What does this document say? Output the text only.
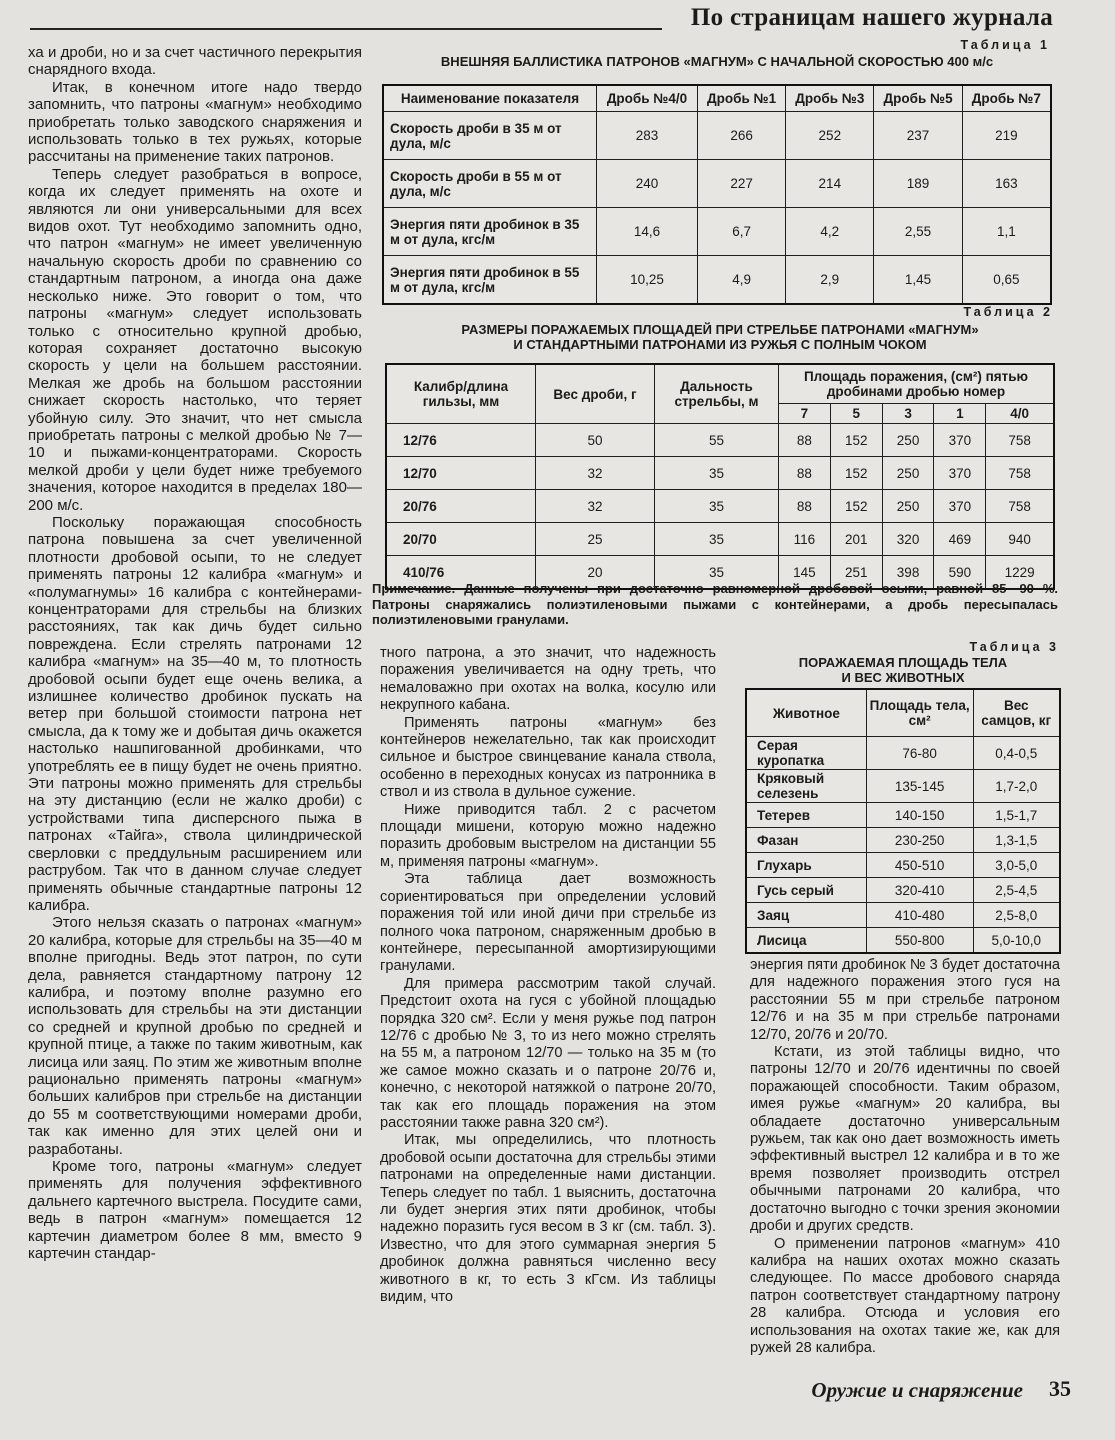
По страницам нашего журнала

ха и дроби, но и за счет частичного перекрытия снарядного входа.

Итак, в конечном итоге надо твердо запомнить, что патроны «магнум» необходимо приобретать только заводского снаряжения и использовать только в тех ружьях, которые рассчитаны на применение таких патронов.

Теперь следует разобраться в вопросе, когда их следует применять на охоте и являются ли они универсальными для всех видов охот. Тут необходимо запомнить одно, что патрон «магнум» не имеет увеличенную начальную скорость дроби по сравнению со стандартным патроном, а иногда она даже несколько ниже. Это говорит о том, что патроны «магнум» следует использовать только с относительно крупной дробью, которая сохраняет достаточно высокую скорость у цели на большем расстоянии. Мелкая же дробь на большом расстоянии снижает скорость настолько, что теряет убойную силу. Это значит, что нет смысла приобретать патроны с мелкой дробью № 7—10 и пыжами-концентраторами. Скорость мелкой дроби у цели будет ниже требуемого значения, которое находится в пределах 180—200 м/с.

Поскольку поражающая способность патрона повышена за счет увеличенной плотности дробовой осыпи, то не следует применять патроны 12 калибра «магнум» и «полумагнумы» 16 калибра с контейнерами-концентраторами для стрельбы на близких расстояниях, так как дичь будет сильно повреждена. Если стрелять патронами 12 калибра «магнум» на 35—40 м, то плотность дробовой осыпи будет еще очень велика, а излишнее количество дробинок пускать на ветер при большой стоимости патрона нет смысла, да к тому же и добытая дичь окажется настолько нашпигованной дробинками, что употреблять ее в пищу будет не очень приятно. Эти патроны можно применять для стрельбы на эту дистанцию (если не жалко дроби) с устройствами типа дисперсного пыжа в патронах «Тайга», ствола цилиндрической сверловки с преддульным расширением или раструбом. Так что в данном случае следует применять обычные стандартные патроны 12 калибра.

Этого нельзя сказать о патронах «магнум» 20 калибра, которые для стрельбы на 35—40 м вполне пригодны. Ведь этот патрон, по сути дела, равняется стандартному патрону 12 калибра, и поэтому вполне разумно его использовать для стрельбы на эти дистанции со средней и крупной дробью по средней и крупной птице, а также по таким животным, как лисица или заяц. По этим же животным вполне рационально применять патроны «магнум» больших калибров при стрельбе на дистанции до 55 м соответствующими номерами дроби, так как именно для этих целей они и разработаны.

Кроме того, патроны «магнум» следует применять для получения эффективного дальнего картечного выстрела. Посудите сами, ведь в патрон «магнум» помещается 12 картечин диаметром более 8 мм, вместо 9 картечин стандар-

Таблица 1
ВНЕШНЯЯ БАЛЛИСТИКА ПАТРОНОВ «МАГНУМ» С НАЧАЛЬНОЙ СКОРОСТЬЮ 400 м/с
Наименование показателя	Дробь №4/0	Дробь №1	Дробь №3	Дробь №5	Дробь №7
Скорость дроби в 35 м от дула, м/с	283	266	252	237	219
Скорость дроби в 55 м от дула, м/с	240	227	214	189	163
Энергия пяти дробинок в 35 м от дула, кгс/м	14,6	6,7	4,2	2,55	1,1
Энергия пяти дробинок в 55 м от дула, кгс/м	10,25	4,9	2,9	1,45	0,65
Таблица 2
РАЗМЕРЫ ПОРАЖАЕМЫХ ПЛОЩАДЕЙ ПРИ СТРЕЛЬБЕ ПАТРОНАМИ «МАГНУМ»
И СТАНДАРТНЫМИ ПАТРОНАМИ ИЗ РУЖЬЯ С ПОЛНЫМ ЧОКОМ
Калибр/длина гильзы, мм	Вес дроби, г	Дальность стрельбы, м	Площадь поражения, (см²) пятью дробинами дробью номер				
			7	5	3	1	4/0
12/76	50	55	88	152	250	370	758
12/70	32	35	88	152	250	370	758
20/76	32	35	88	152	250	370	758
20/70	25	35	116	201	320	469	940
410/76	20	35	145	251	398	590	1229
Примечание. Данные получены при достаточно равномерной дробовой осыпи, равной 85—90 %. Патроны снаряжались полиэтиленовыми пыжами с контейнерами, а дробь пересыпалась полиэтиленовыми гранулами.

тного патрона, а это значит, что надежность поражения увеличивается на одну треть, что немаловажно при охотах на волка, косулю или некрупного кабана.

Применять патроны «магнум» без контейнеров нежелательно, так как происходит сильное и быстрое свинцевание канала ствола, особенно в переходных конусах из патронника в ствол и из ствола в дульное сужение.

Ниже приводится табл. 2 с расчетом площади мишени, которую можно надежно поразить дробовым выстрелом на дистанции 55 м, применяя патроны «магнум».

Эта таблица дает возможность сориентироваться при определении условий поражения той или иной дичи при стрельбе из полного чока патроном, снаряженным дробью в контейнере, пересыпанной амортизирующими гранулами.

Для примера рассмотрим такой случай. Предстоит охота на гуся с убойной площадью порядка 320 см². Если у меня ружье под патрон 12/76 с дробью № 3, то из него можно стрелять на 55 м, а патроном 12/70 — только на 35 м (то же самое можно сказать и о патроне 20/76 и, конечно, с некоторой натяжкой о патроне 20/70, так как его площадь поражения на этом расстоянии также равна 320 см²).

Итак, мы определились, что плотность дробовой осыпи достаточна для стрельбы этими патронами на определенные нами дистанции. Теперь следует по табл. 1 выяснить, достаточна ли будет энергия этих пяти дробинок, чтобы надежно поразить гуся весом в 3 кг (см. табл. 3). Известно, что для этого суммарная энергия 5 дробинок должна равняться численно весу животного в кг, то есть 3 кГсм. Из таблицы видим, что

Таблица 3
ПОРАЖАЕМАЯ ПЛОЩАДЬ ТЕЛА
И ВЕС ЖИВОТНЫХ
Животное	Площадь тела, см²	Вес самцов, кг
Серая куропатка	76-80	0,4-0,5
Кряковый селезень	135-145	1,7-2,0
Тетерев	140-150	1,5-1,7
Фазан	230-250	1,3-1,5
Глухарь	450-510	3,0-5,0
Гусь серый	320-410	2,5-4,5
Заяц	410-480	2,5-8,0
Лисица	550-800	5,0-10,0

энергия пяти дробинок № 3 будет достаточна для надежного поражения этого гуся на расстоянии 55 м при стрельбе патроном 12/76 и на 35 м при стрельбе патронами 12/70, 20/76 и 20/70.

Кстати, из этой таблицы видно, что патроны 12/70 и 20/76 идентичны по своей поражающей способности. Таким образом, имея ружье «магнум» 20 калибра, вы обладаете достаточно универсальным ружьем, так как оно дает возможность иметь эффективный выстрел 12 калибра и в то же время позволяет производить отстрел обычными патронами 20 калибра, что достаточно выгодно с точки зрения экономии дроби и других средств.

О применении патронов «магнум» 410 калибра на наших охотах можно сказать следующее. По массе дробового снаряда патрон соответствует стандартному патрону 28 калибра. Отсюда и условия его использования на охотах такие же, как для ружей 28 калибра.

Оружие и снаряжение 35
